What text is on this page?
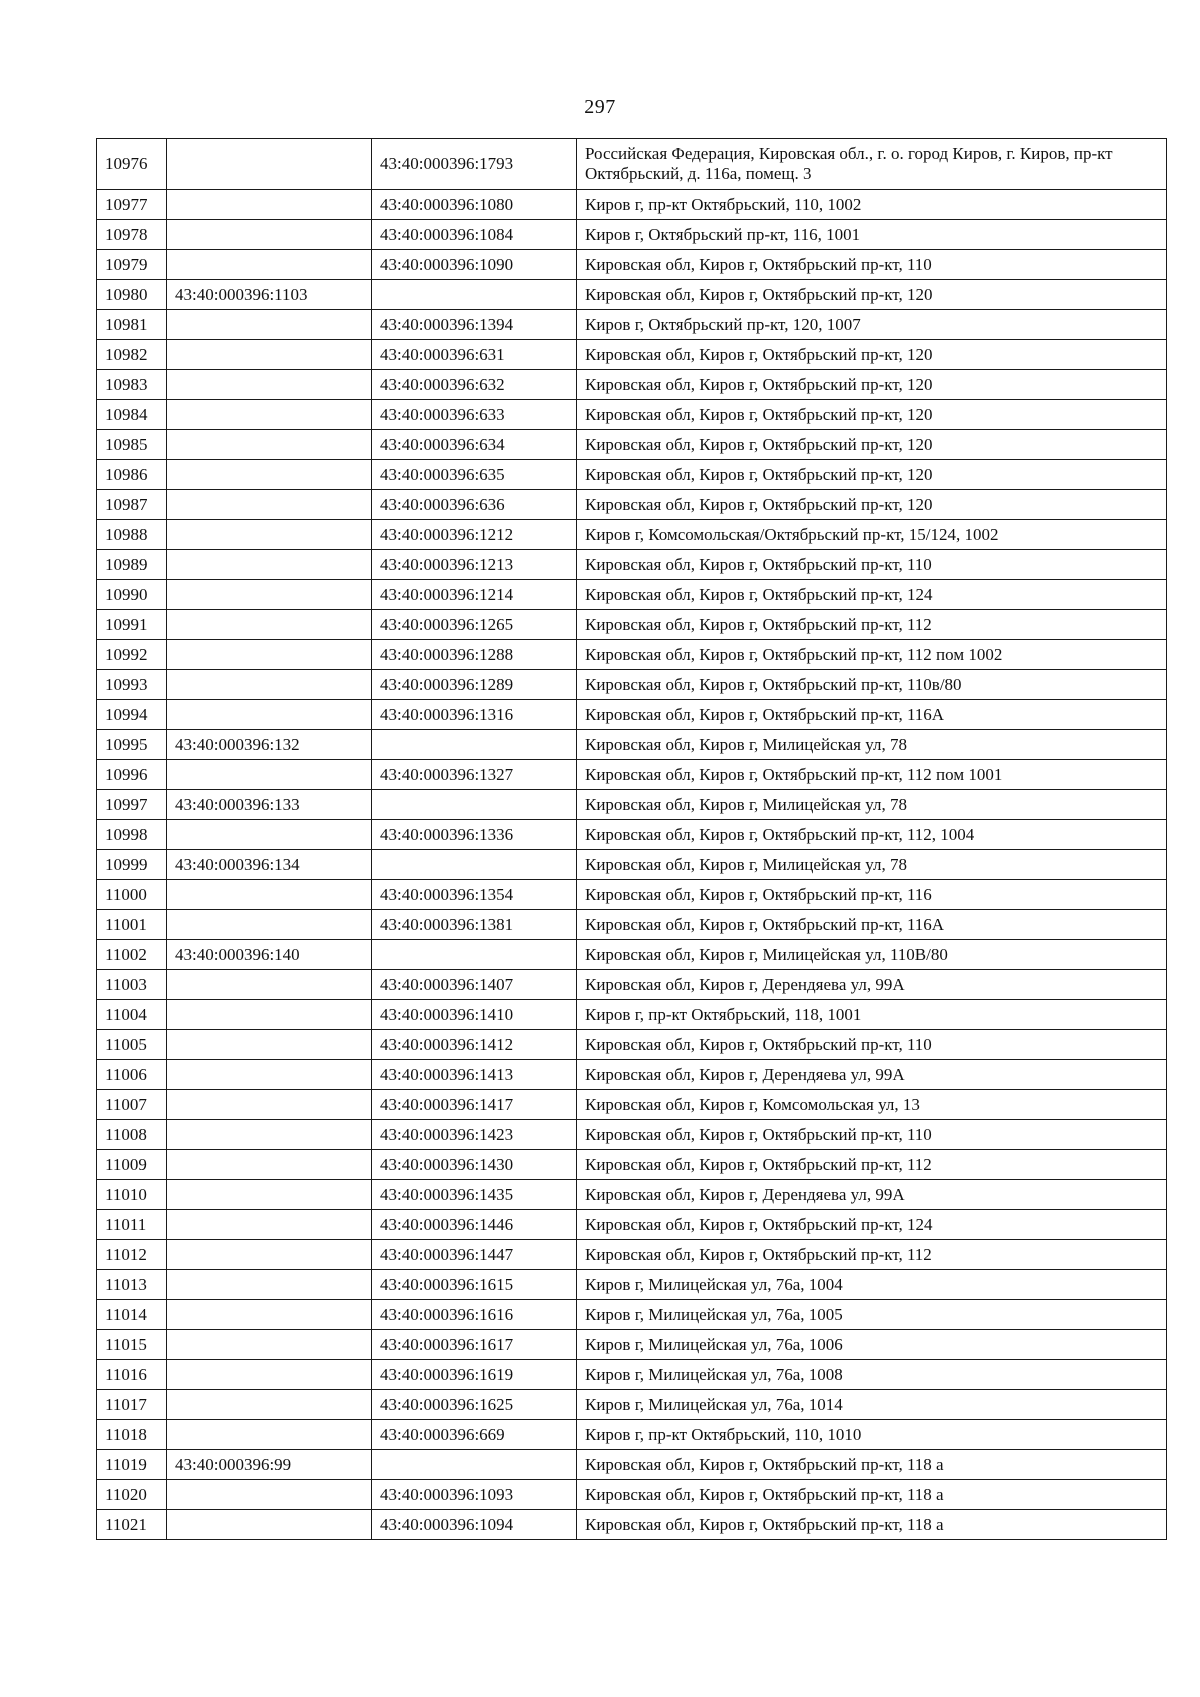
297
10976		43:40:000396:1793	Российская Федерация, Кировская обл., г. о. город Киров, г. Киров, пр-кт Октябрьский, д. 116а, помещ. 3
10977		43:40:000396:1080	Киров г, пр-кт Октябрьский, 110, 1002
10978		43:40:000396:1084	Киров г, Октябрьский пр-кт, 116, 1001
10979		43:40:000396:1090	Кировская обл, Киров г, Октябрьский пр-кт, 110
10980	43:40:000396:1103		Кировская обл, Киров г, Октябрьский пр-кт, 120
10981		43:40:000396:1394	Киров г, Октябрьский пр-кт, 120, 1007
10982		43:40:000396:631	Кировская обл, Киров г, Октябрьский пр-кт, 120
10983		43:40:000396:632	Кировская обл, Киров г, Октябрьский пр-кт, 120
10984		43:40:000396:633	Кировская обл, Киров г, Октябрьский пр-кт, 120
10985		43:40:000396:634	Кировская обл, Киров г, Октябрьский пр-кт, 120
10986		43:40:000396:635	Кировская обл, Киров г, Октябрьский пр-кт, 120
10987		43:40:000396:636	Кировская обл, Киров г, Октябрьский пр-кт, 120
10988		43:40:000396:1212	Киров г, Комсомольская/Октябрьский пр-кт, 15/124, 1002
10989		43:40:000396:1213	Кировская обл, Киров г, Октябрьский пр-кт, 110
10990		43:40:000396:1214	Кировская обл, Киров г, Октябрьский пр-кт, 124
10991		43:40:000396:1265	Кировская обл, Киров г, Октябрьский пр-кт, 112
10992		43:40:000396:1288	Кировская обл, Киров г, Октябрьский пр-кт, 112 пом 1002
10993		43:40:000396:1289	Кировская обл, Киров г, Октябрьский пр-кт, 110в/80
10994		43:40:000396:1316	Кировская обл, Киров г, Октябрьский пр-кт, 116А
10995	43:40:000396:132		Кировская обл, Киров г, Милицейская ул, 78
10996		43:40:000396:1327	Кировская обл, Киров г, Октябрьский пр-кт, 112 пом 1001
10997	43:40:000396:133		Кировская обл, Киров г, Милицейская ул, 78
10998		43:40:000396:1336	Кировская обл, Киров г, Октябрьский пр-кт, 112, 1004
10999	43:40:000396:134		Кировская обл, Киров г, Милицейская ул, 78
11000		43:40:000396:1354	Кировская обл, Киров г, Октябрьский пр-кт, 116
11001		43:40:000396:1381	Кировская обл, Киров г, Октябрьский пр-кт, 116А
11002	43:40:000396:140		Кировская обл, Киров г, Милицейская ул, 110В/80
11003		43:40:000396:1407	Кировская обл, Киров г, Дерендяева ул, 99А
11004		43:40:000396:1410	Киров г, пр-кт Октябрьский, 118, 1001
11005		43:40:000396:1412	Кировская обл, Киров г, Октябрьский пр-кт, 110
11006		43:40:000396:1413	Кировская обл, Киров г, Дерендяева ул, 99А
11007		43:40:000396:1417	Кировская обл, Киров г, Комсомольская ул, 13
11008		43:40:000396:1423	Кировская обл, Киров г, Октябрьский пр-кт, 110
11009		43:40:000396:1430	Кировская обл, Киров г, Октябрьский пр-кт, 112
11010		43:40:000396:1435	Кировская обл, Киров г, Дерендяева ул, 99А
11011		43:40:000396:1446	Кировская обл, Киров г, Октябрьский пр-кт, 124
11012		43:40:000396:1447	Кировская обл, Киров г, Октябрьский пр-кт, 112
11013		43:40:000396:1615	Киров г, Милицейская ул, 76а, 1004
11014		43:40:000396:1616	Киров г, Милицейская ул, 76а, 1005
11015		43:40:000396:1617	Киров г, Милицейская ул, 76а, 1006
11016		43:40:000396:1619	Киров г, Милицейская ул, 76а, 1008
11017		43:40:000396:1625	Киров г, Милицейская ул, 76а, 1014
11018		43:40:000396:669	Киров г, пр-кт Октябрьский, 110, 1010
11019	43:40:000396:99		Кировская обл, Киров г, Октябрьский пр-кт, 118 а
11020		43:40:000396:1093	Кировская обл, Киров г, Октябрьский пр-кт, 118 а
11021		43:40:000396:1094	Кировская обл, Киров г, Октябрьский пр-кт, 118 а
